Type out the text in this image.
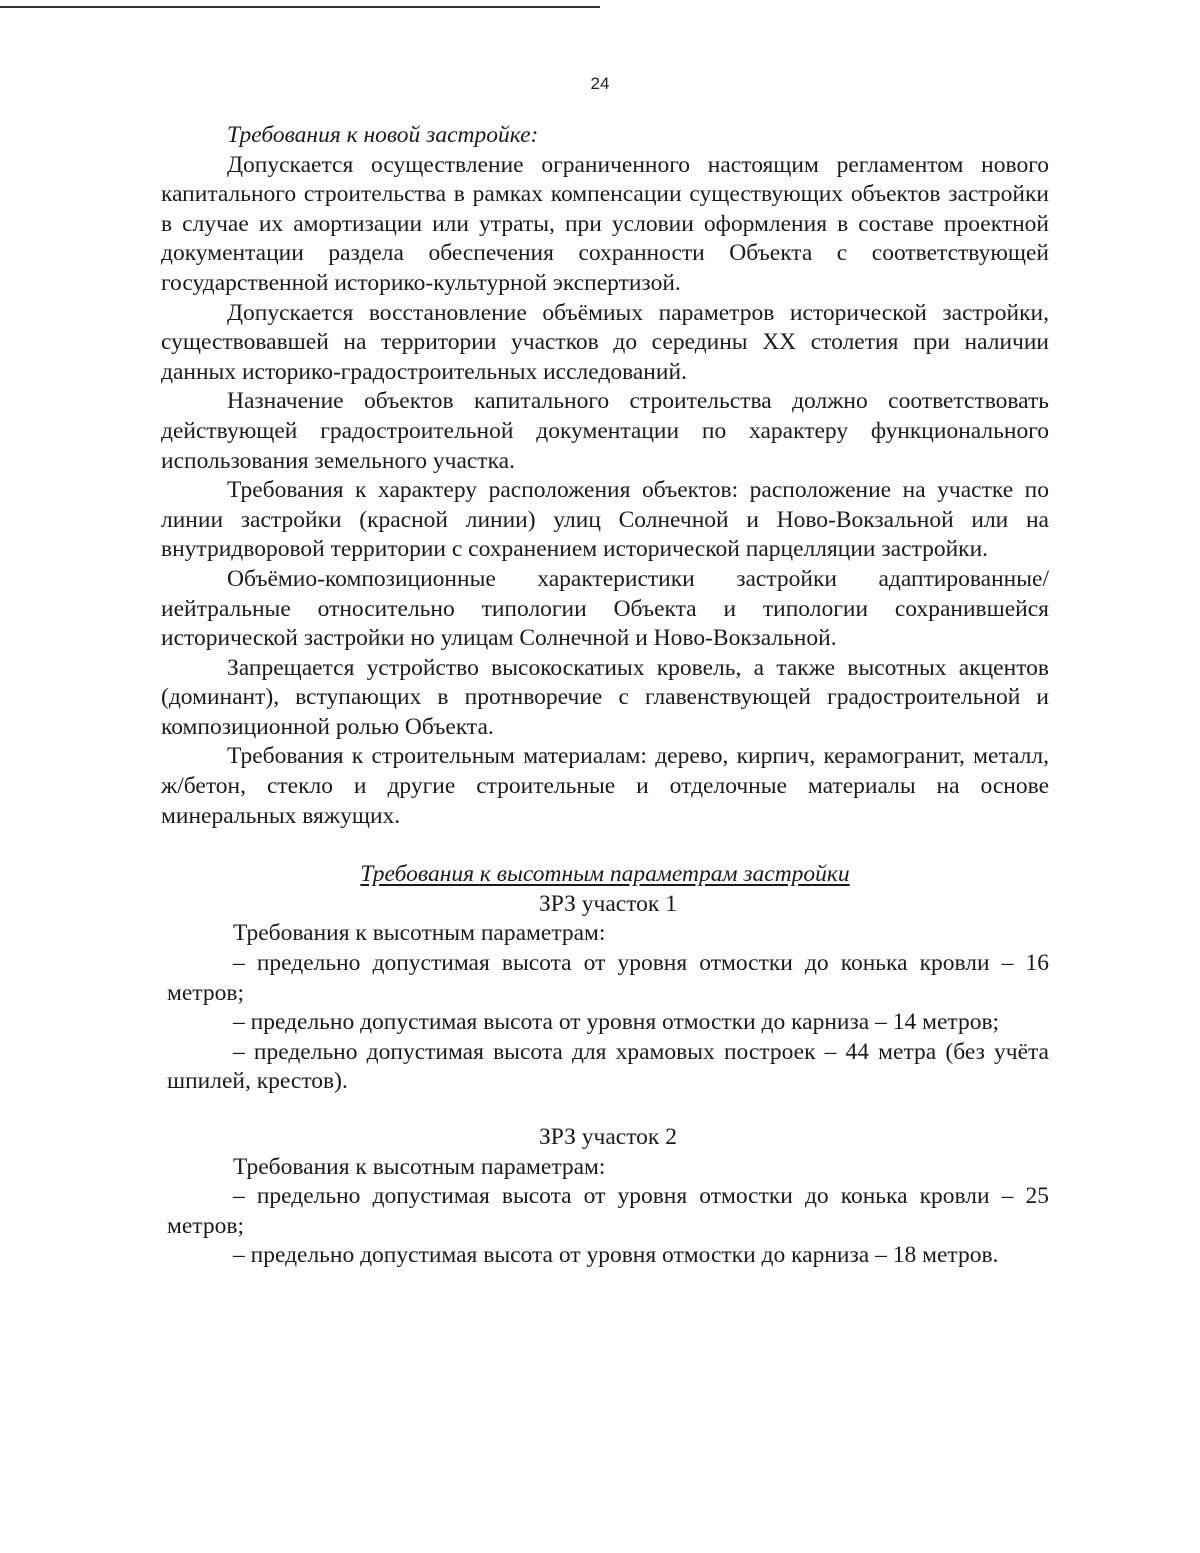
24

Требования к новой застройке:

Допускается осуществление ограниченного настоящим регламентом нового капитального строительства в рамках компенсации существующих объектов застройки в случае их амортизации или утраты, при условии оформления в составе проектной документации раздела обеспечения сохранности Объекта с соответствующей государственной историко-культурной экспертизой.

Допускается восстановление объёмиых параметров исторической застройки, существовавшей на территории участков до середины XX столетия при наличии данных историко-градостроительных исследований.

Назначение объектов капитального строительства должно соответствовать действующей градостроительной документации по характеру функционального использования земельного участка.

Требования к характеру расположения объектов: расположение на участке по линии застройки (красной линии) улиц Солнечной и Ново-Вокзальной или на внутридворовой территории с сохранением исторической парцелляции застройки.

Объёмио-композиционные характеристики застройки адаптированные/иейтральные относительно типологии Объекта и типологии сохранившейся исторической застройки но улицам Солнечной и Ново-Вокзальной.

Запрещается устройство высокоскатиых кровель, а также высотных акцентов (доминант), вступающих в протнворечие с главенствующей градостроительной и композиционной ролью Объекта.

Требования к строительным материалам: дерево, кирпич, керамогранит, металл, ж/бетон, стекло и другие строительные и отделочные материалы на основе минеральных вяжущих.

Требования к высотным параметрам застройки

ЗРЗ участок 1

Требования к высотным параметрам:

– предельно допустимая высота от уровня отмостки до конька кровли – 16 метров;

– предельно допустимая высота от уровня отмостки до карниза – 14 метров;

– предельно допустимая высота для храмовых построек – 44 метра (без учёта шпилей, крестов).

ЗРЗ участок 2

Требования к высотным параметрам:

– предельно допустимая высота от уровня отмостки до конька кровли – 25 метров;

– предельно допустимая высота от уровня отмостки до карниза – 18 метров.
